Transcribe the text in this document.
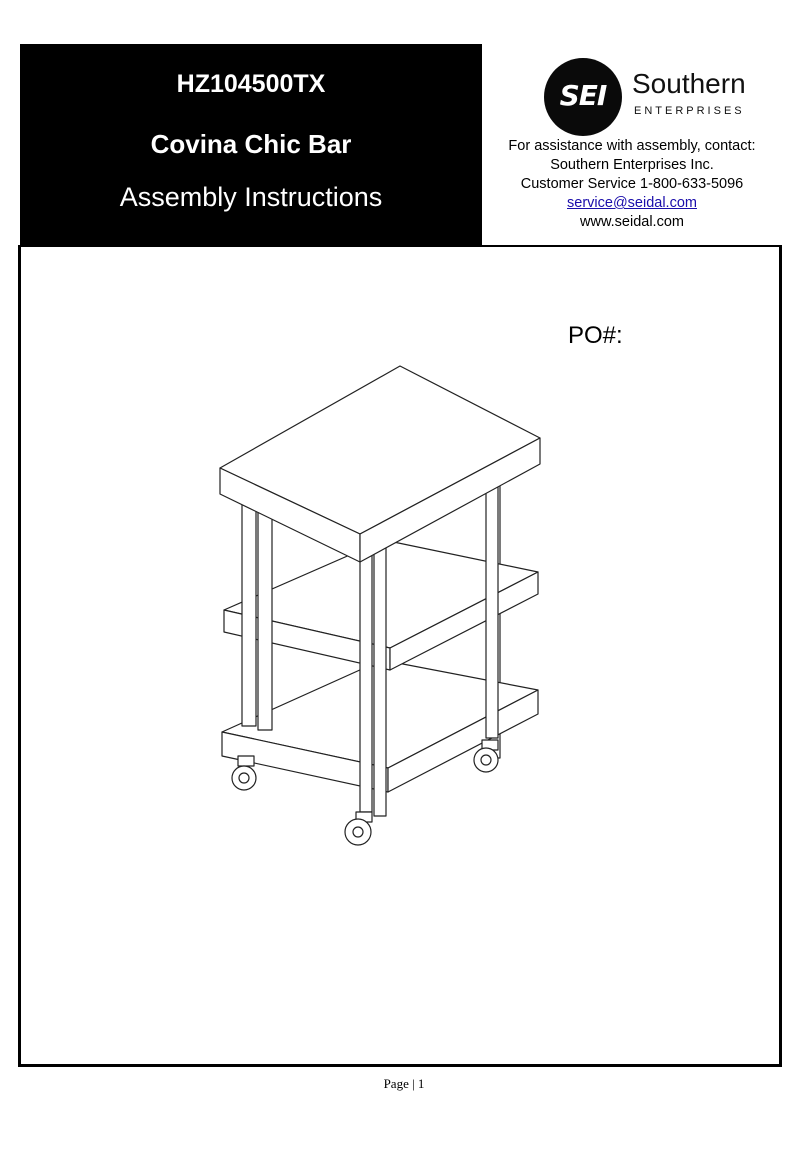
HZ104500TX
Covina Chic Bar
Assembly Instructions
SEI Southern
ENTERPRISES
For assistance with assembly, contact:
Southern Enterprises Inc.
Customer Service 1-800-633-5096
service@seidal.com
www.seidal.com
PO#:
Page | 1
